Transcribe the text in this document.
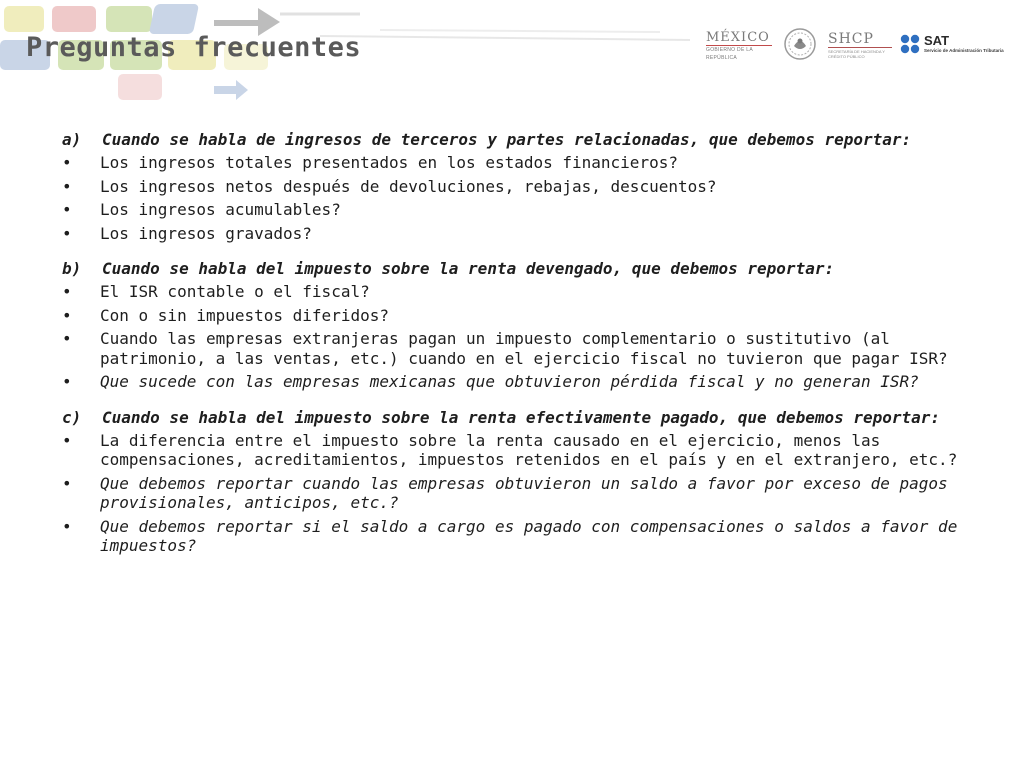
Preguntas frecuentes	MÉXICO
GOBIERNO DE LA REPÚBLICA
SHCP
SECRETARÍA DE HACIENDA Y CRÉDITO PÚBLICO
SAT
Servicio de Administración Tributaria
a)	Cuando se habla de ingresos de terceros y partes relacionadas, que debemos reportar:
•	Los ingresos totales presentados en los estados financieros?
•	Los ingresos netos después de devoluciones, rebajas, descuentos?
•	Los ingresos acumulables?
•	Los ingresos gravados?
b)	Cuando se habla del impuesto sobre la renta devengado, que debemos reportar:
•	El ISR contable o el fiscal?
•	Con o sin impuestos diferidos?
•	Cuando las empresas extranjeras pagan un impuesto complementario o sustitutivo (al patrimonio, a las ventas, etc.) cuando en el ejercicio fiscal no tuvieron que pagar ISR?
•	Que sucede con las empresas mexicanas que obtuvieron pérdida fiscal y no generan ISR?
c)	Cuando se habla del impuesto sobre la renta efectivamente pagado, que debemos reportar:
•	La diferencia entre el impuesto sobre la renta causado en el ejercicio, menos las compensaciones, acreditamientos, impuestos retenidos en el país y en el extranjero, etc.?
•	Que debemos reportar cuando las empresas obtuvieron un saldo a favor por exceso de pagos provisionales, anticipos, etc.?
•	Que debemos reportar si el saldo a cargo es pagado con compensaciones o saldos a favor de impuestos?
